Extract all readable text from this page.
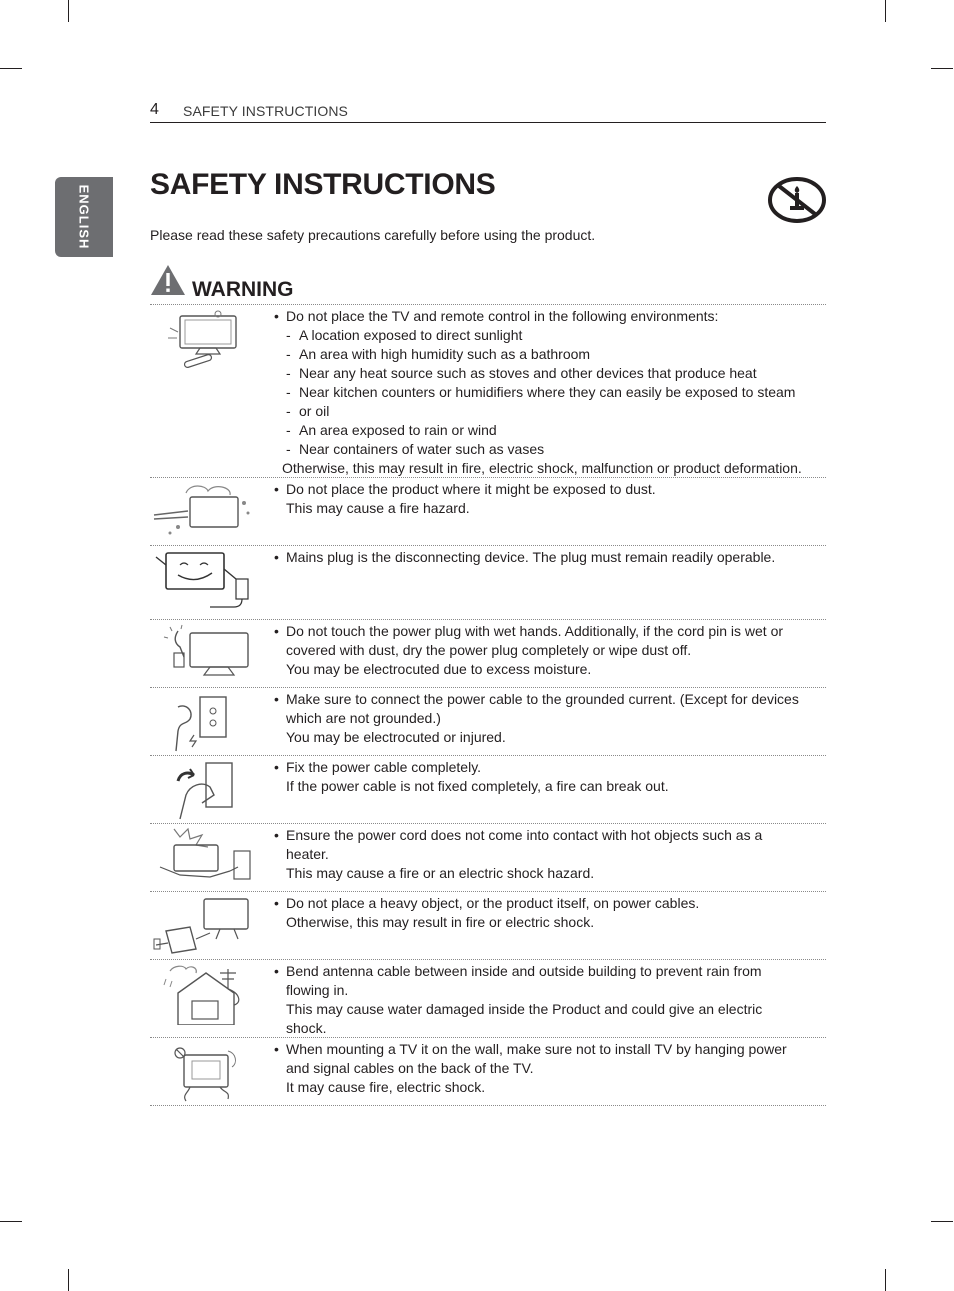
4 SAFETY INSTRUCTIONS
ENGLISH
SAFETY INSTRUCTIONS
Please read these safety precautions carefully before using the product.
WARNING
• Do not place the TV and remote control in the following environments:
- A location exposed to direct sunlight
- An area with high humidity such as a bathroom
- Near any heat source such as stoves and other devices that produce heat
- Near kitchen counters or humidifiers where they can easily be exposed to steam
- or oil
- An area exposed to rain or wind
- Near containers of water such as vases
Otherwise, this may result in fire, electric shock, malfunction or product deformation.
• Do not place the product where it might be exposed to dust.
This may cause a fire hazard.
• Mains plug is the disconnecting device. The plug must remain readily operable.
• Do not touch the power plug with wet hands. Additionally, if the cord pin is wet or
covered with dust, dry the power plug completely or wipe dust off.
You may be electrocuted due to excess moisture.
• Make sure to connect the power cable to the grounded current. (Except for devices
which are not grounded.)
You may be electrocuted or injured.
• Fix the power cable completely.
If the power cable is not fixed completely, a fire can break out.
• Ensure the power cord does not come into contact with hot objects such as a
heater.
This may cause a fire or an electric shock hazard.
• Do not place a heavy object, or the product itself, on power cables.
Otherwise, this may result in fire or electric shock.
• Bend antenna cable between inside and outside building to prevent rain from
flowing in.
This may cause water damaged inside the Product and could give an electric
shock.
• When mounting a TV it on the wall, make sure not to install TV by hanging power
and signal cables on the back of the TV.
It may cause fire, electric shock.
